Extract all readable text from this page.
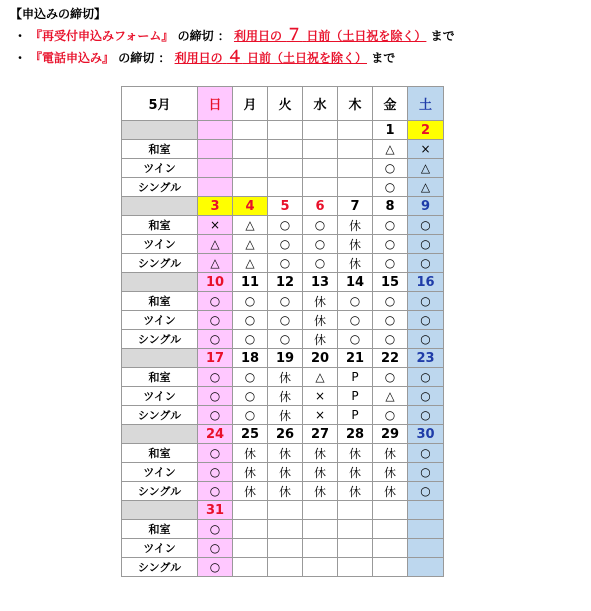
【申込みの締切】
・ 『再受付申込みフォーム』 の締切 ： 利用日の ７ 日前（土日祝を除く） まで
・ 『電話申込み』 の締切 ： 利用日の ４ 日前（土日祝を除く） まで
5月	日	月	火	水	木	金	土
						1	2
和室						△	×
ツイン						○	△
シングル						○	△
	3	4	5	6	7	8	9
和室	×	△	○	○	休	○	○
ツイン	△	△	○	○	休	○	○
シングル	△	△	○	○	休	○	○
	10	11	12	13	14	15	16
和室	○	○	○	休	○	○	○
ツイン	○	○	○	休	○	○	○
シングル	○	○	○	休	○	○	○
	17	18	19	20	21	22	23
和室	○	○	休	△	P	○	○
ツイン	○	○	休	×	P	△	○
シングル	○	○	休	×	P	○	○
	24	25	26	27	28	29	30
和室	○	休	休	休	休	休	○
ツイン	○	休	休	休	休	休	○
シングル	○	休	休	休	休	休	○
	31						
和室	○						
ツイン	○						
シングル	○						
